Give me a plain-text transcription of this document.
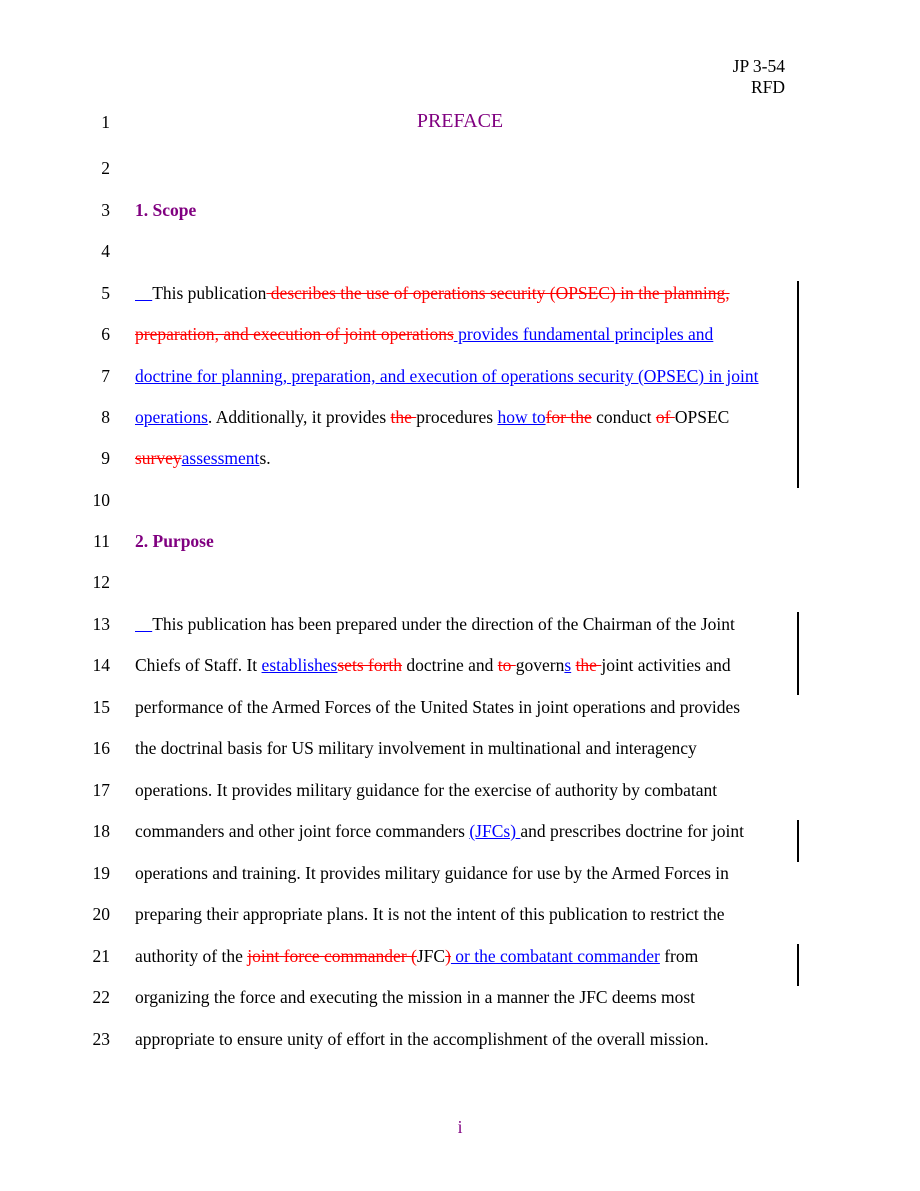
JP 3-54
RFD
1
2
3
4
5
6
7
8
9
10
11
12
13
14
15
16
17
18
19
20
21
22
23
PREFACE
1. Scope
This publication describes the use of operations security (OPSEC) in the planning,
preparation, and execution of joint operations provides fundamental principles and
doctrine for planning, preparation, and execution of operations security (OPSEC) in joint
operations. Additionally, it provides the procedures how tofor the conduct of OPSEC
surveyassessments.
2. Purpose
This publication has been prepared under the direction of the Chairman of the Joint
Chiefs of Staff. It establishessets forth doctrine and to governs the joint activities and
performance of the Armed Forces of the United States in joint operations and provides
the doctrinal basis for US military involvement in multinational and interagency
operations. It provides military guidance for the exercise of authority by combatant
commanders and other joint force commanders (JFCs) and prescribes doctrine for joint
operations and training. It provides military guidance for use by the Armed Forces in
preparing their appropriate plans. It is not the intent of this publication to restrict the
authority of the joint force commander (JFC) or the combatant commander from
organizing the force and executing the mission in a manner the JFC deems most
appropriate to ensure unity of effort in the accomplishment of the overall mission.
i
